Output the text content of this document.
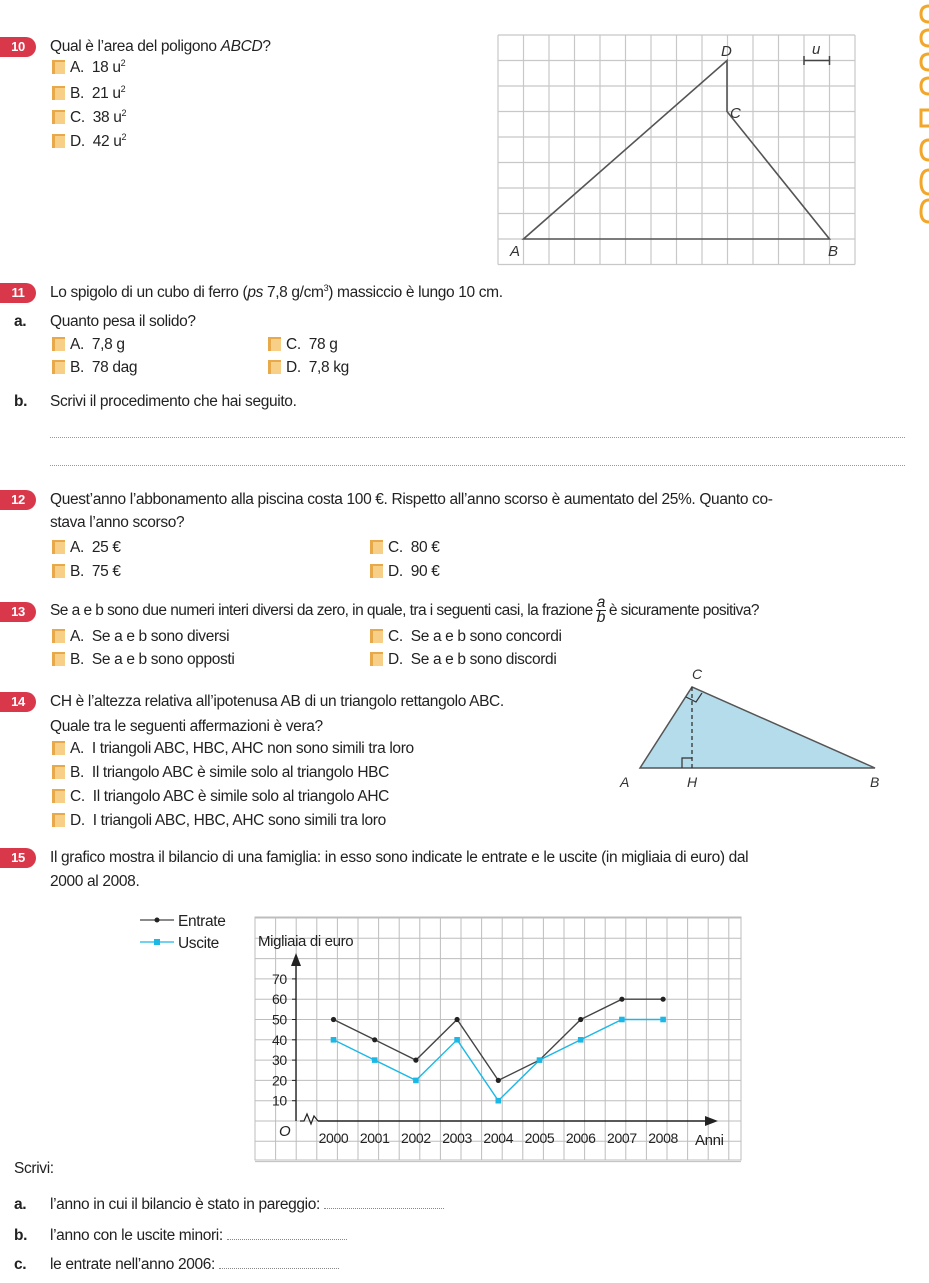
10	Qual è l’area del poligono ABCD?
A. 18 $u^2$
B. 21 $u^2$
C. 38 $u^2$
D. 42 $u^2$
A	B
C
D	u
11	Lo spigolo di un cubo di ferro (ps 7,8 $g/cm^3$) massiccio è lungo 10 cm.
a. Quanto pesa il solido?
A. 7,8 g
B. 78 dag
C. 78 g
D. 7,8 kg
b. Scrivi il procedimento che hai seguito.
12	Quest’anno l’abbonamento alla piscina costa 100 €. Rispetto all’anno scorso è aumentato del 25%. Quanto co-
stava l’anno scorso?
A. 25 €
B. 75 €
C. 80 €
D. 90 €
13	Se a e b sono due numeri interi diversi da zero, in quale, tra i seguenti casi, la frazione $\frac{a}{b}$ è sicuramente positiva?
A. Se a e b sono diversi
B. Se a e b sono opposti
C. Se a e b sono concordi
D. Se a e b sono discordi
14	CH è l’altezza relativa all’ipotenusa AB di un triangolo rettangolo ABC.
Quale tra le seguenti affermazioni è vera?
A. I triangoli ABC, HBC, AHC non sono simili tra loro
B. Il triangolo ABC è simile solo al triangolo HBC
C. Il triangolo ABC è simile solo al triangolo AHC
D. I triangoli ABC, HBC, AHC sono simili tra loro
A	H	B
C
15	Il grafico mostra il bilancio di una famiglia: in esso sono indicate le entrate e le uscite (in migliaia di euro) dal
2000 al 2008.
Entrate
Uscite	Migliaia di euro
O
Anni
10
20
30
40
50
60
70
2000 2001 2002 2003 2004 2005 2006 2007 2008
Scrivi:
a. l’anno in cui il bilancio è stato in pareggio:
b. l’anno con le uscite minori:
c. le entrate nell’anno 2006:
